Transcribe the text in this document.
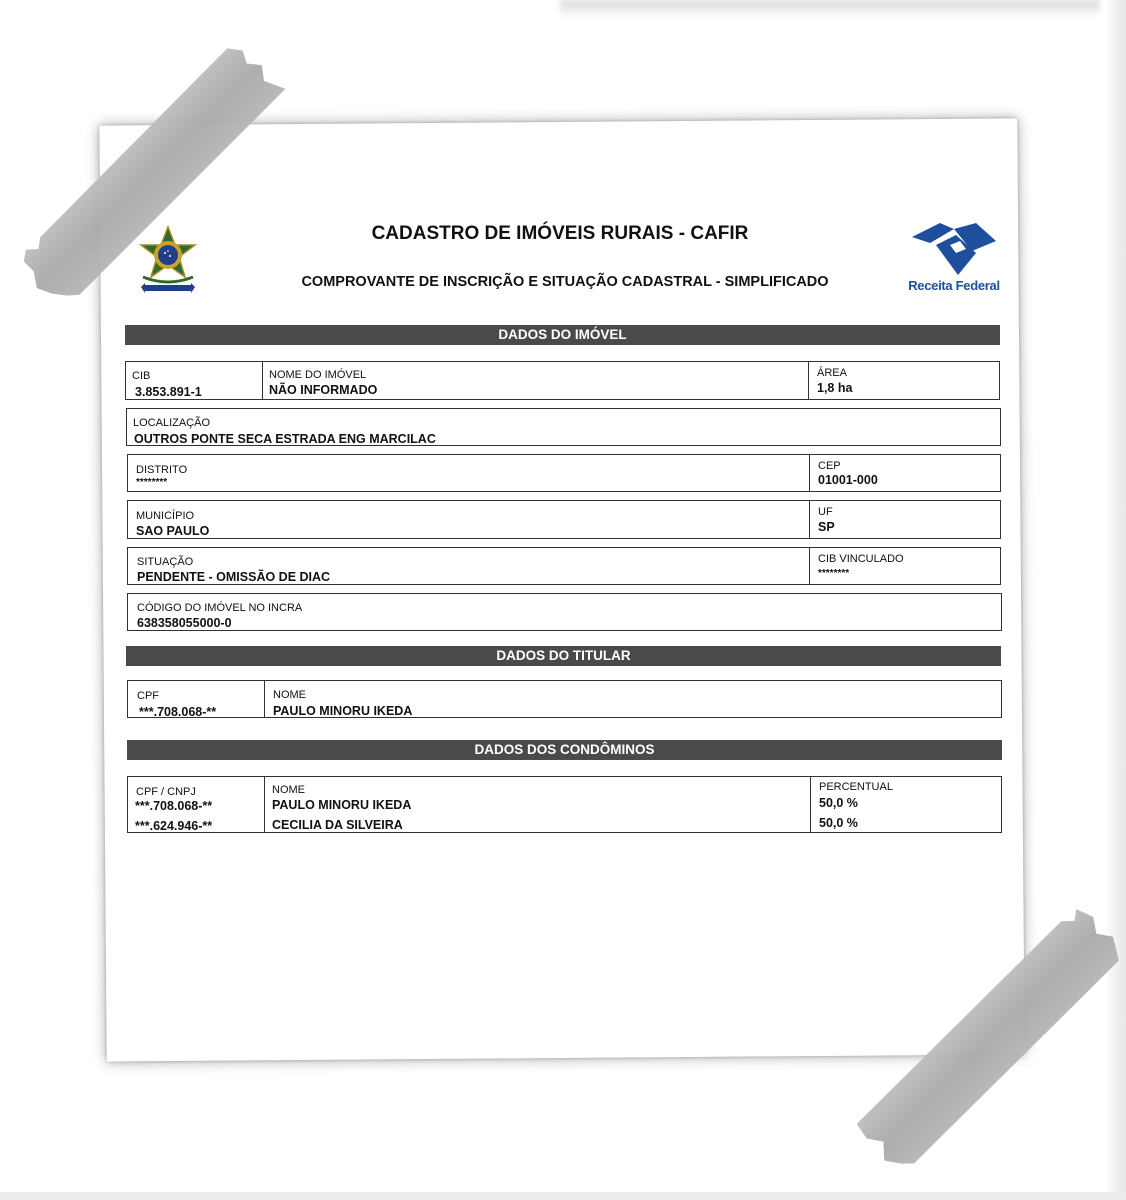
CADASTRO DE IMÓVEIS RURAIS - CAFIR
COMPROVANTE DE INSCRIÇÃO E SITUAÇÃO CADASTRAL - SIMPLIFICADO	Receita Federal
DADOS DO IMÓVEL
CIB
3.853.891-1
NOME DO IMÓVEL
NÃO INFORMADO
ÁREA
1,8 ha
LOCALIZAÇÃO
OUTROS PONTE SECA ESTRADA ENG MARCILAC
DISTRITO
********
CEP
01001-000
MUNICÍPIO
SAO PAULO
UF
SP
SITUAÇÃO
PENDENTE - OMISSÃO DE DIAC
CIB VINCULADO
********
CÓDIGO DO IMÓVEL NO INCRA
638358055000-0
DADOS DO TITULAR
CPF
***.708.068-**
NOME
PAULO MINORU IKEDA
DADOS DOS CONDÔMINOS
CPF / CNPJ
***.708.068-**
***.624.946-**
NOME
PAULO MINORU IKEDA
CECILIA DA SILVEIRA
PERCENTUAL
50,0 %
50,0 %
